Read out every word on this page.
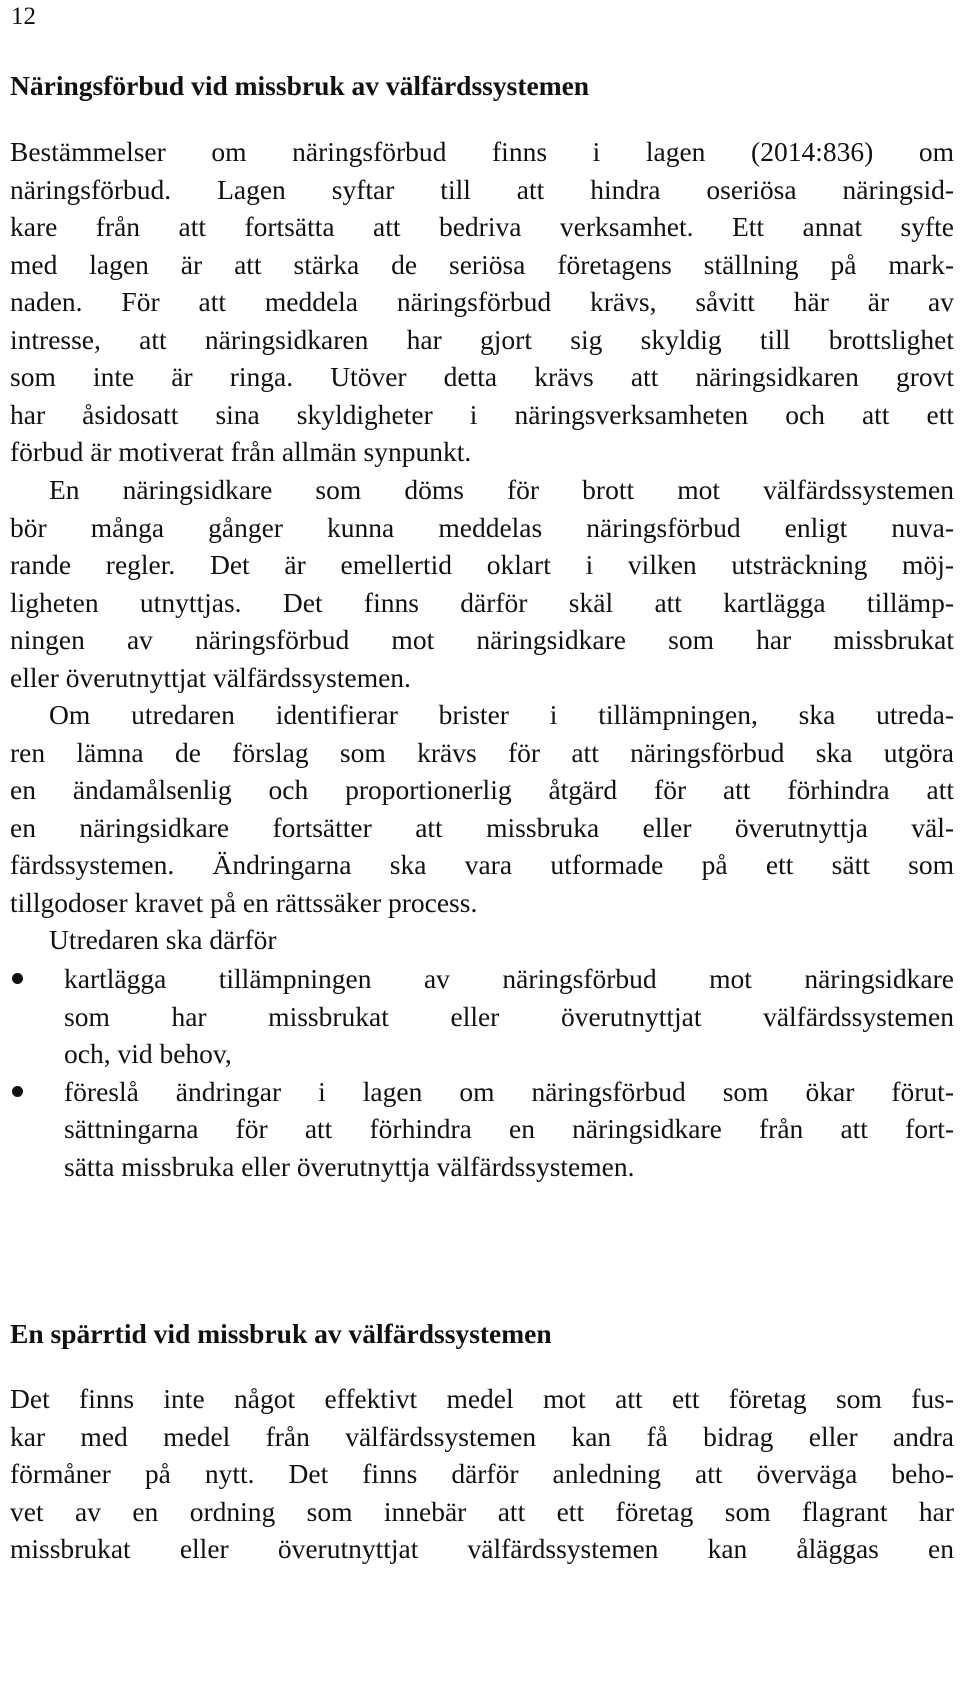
12
Näringsförbud vid missbruk av välfärdssystemen
Bestämmelser om näringsförbud finns i lagen (2014:836) om
näringsförbud. Lagen syftar till att hindra oseriösa näringsid-
kare från att fortsätta att bedriva verksamhet. Ett annat syfte
med lagen är att stärka de seriösa företagens ställning på mark-
naden. För att meddela näringsförbud krävs, såvitt här är av
intresse, att näringsidkaren har gjort sig skyldig till brottslighet
som inte är ringa. Utöver detta krävs att näringsidkaren grovt
har åsidosatt sina skyldigheter i näringsverksamheten och att ett
förbud är motiverat från allmän synpunkt.
En näringsidkare som döms för brott mot välfärdssystemen
bör många gånger kunna meddelas näringsförbud enligt nuva-
rande regler. Det är emellertid oklart i vilken utsträckning möj-
ligheten utnyttjas. Det finns därför skäl att kartlägga tillämp-
ningen av näringsförbud mot näringsidkare som har missbrukat
eller överutnyttjat välfärdssystemen.
Om utredaren identifierar brister i tillämpningen, ska utreda-
ren lämna de förslag som krävs för att näringsförbud ska utgöra
en ändamålsenlig och proportionerlig åtgärd för att förhindra att
en näringsidkare fortsätter att missbruka eller överutnyttja väl-
färdssystemen. Ändringarna ska vara utformade på ett sätt som
tillgodoser kravet på en rättssäker process.
Utredaren ska därför
kartlägga tillämpningen av näringsförbud mot näringsidkare
som har missbrukat eller överutnyttjat välfärdssystemen
och, vid behov,
föreslå ändringar i lagen om näringsförbud som ökar förut-
sättningarna för att förhindra en näringsidkare från att fort-
sätta missbruka eller överutnyttja välfärdssystemen.
En spärrtid vid missbruk av välfärdssystemen
Det finns inte något effektivt medel mot att ett företag som fus-
kar med medel från välfärdssystemen kan få bidrag eller andra
förmåner på nytt. Det finns därför anledning att överväga beho-
vet av en ordning som innebär att ett företag som flagrant har
missbrukat eller överutnyttjat välfärdssystemen kan åläggas en
